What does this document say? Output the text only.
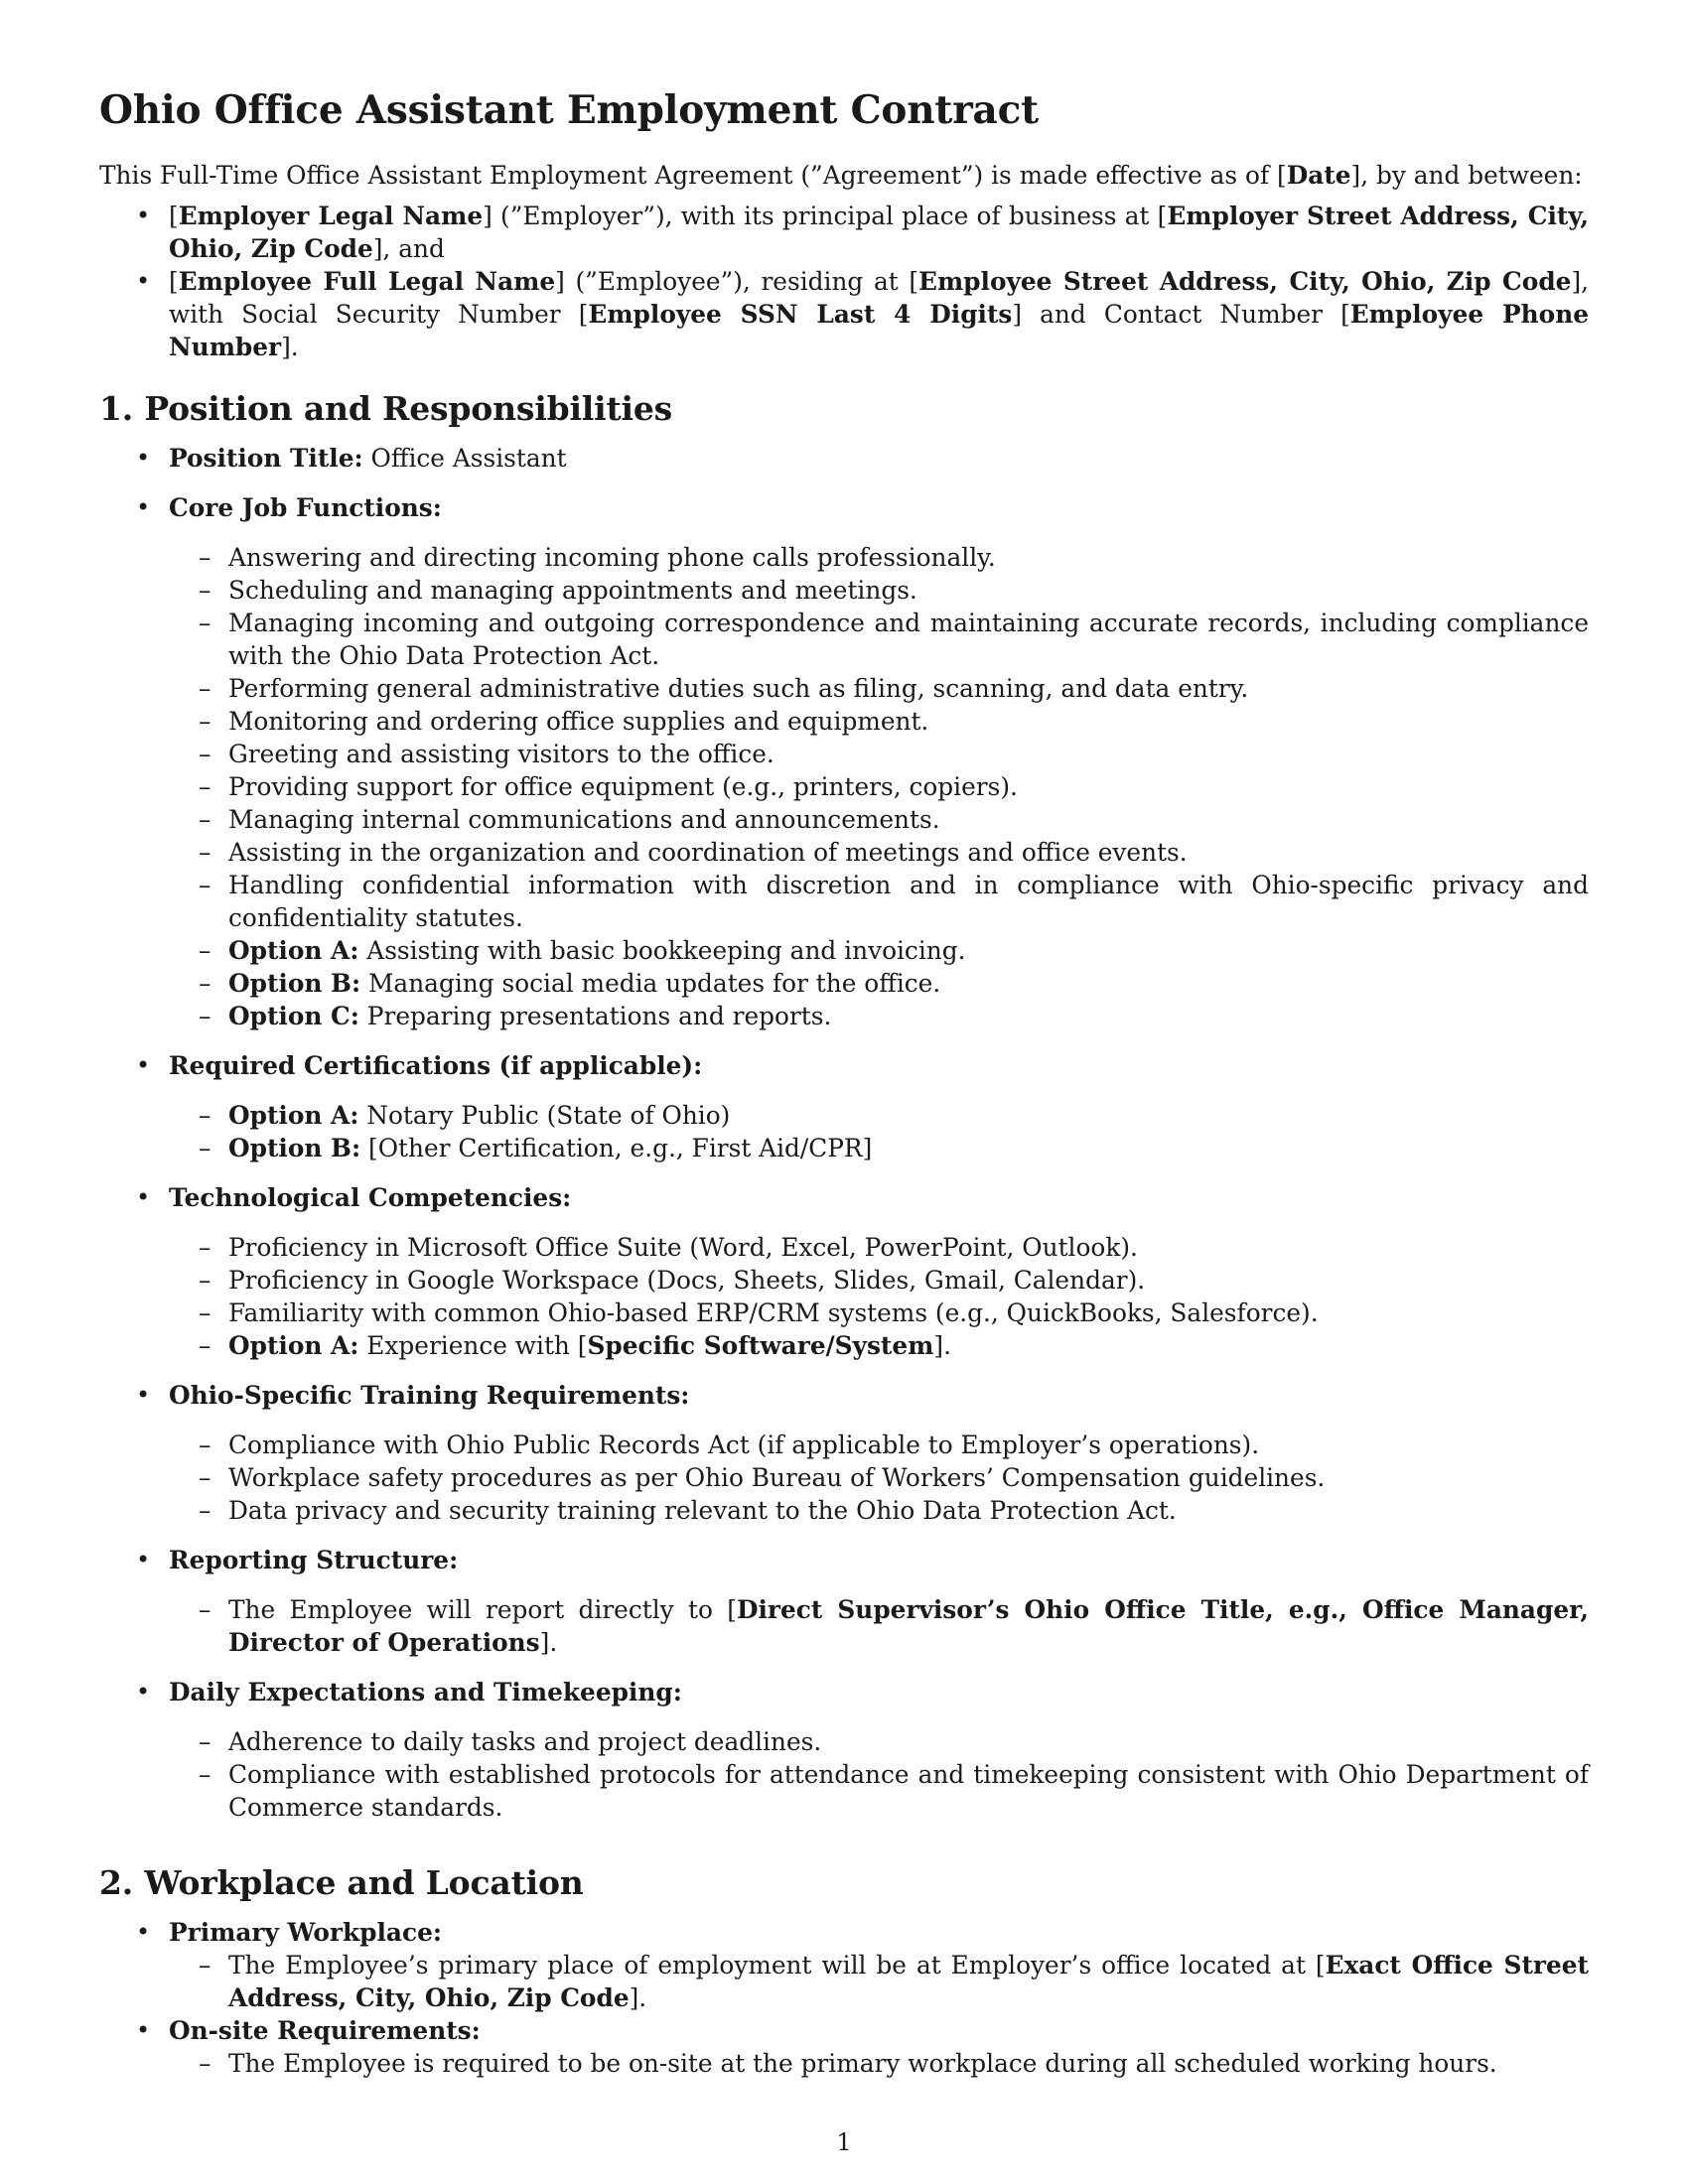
Ohio Office Assistant Employment Contract

This Full-Time Office Assistant Employment Agreement (”Agreement”) is made effective as of [Date], by and between:

• [Employer Legal Name] (”Employer”), with its principal place of business at [Employer Street Address, City, Ohio, Zip Code], and
• [Employee Full Legal Name] (”Employee”), residing at [Employee Street Address, City, Ohio, Zip Code], with Social Security Number [Employee SSN Last 4 Digits] and Contact Number [Employee Phone Number].
1. Position and Responsibilities
• Position Title: Office Assistant
• Core Job Functions:
– Answering and directing incoming phone calls professionally.
– Scheduling and managing appointments and meetings.
– Managing incoming and outgoing correspondence and maintaining accurate records, including compliance with the Ohio Data Protection Act.
– Performing general administrative duties such as filing, scanning, and data entry.
– Monitoring and ordering office supplies and equipment.
– Greeting and assisting visitors to the office.
– Providing support for office equipment (e.g., printers, copiers).
– Managing internal communications and announcements.
– Assisting in the organization and coordination of meetings and office events.
– Handling confidential information with discretion and in compliance with Ohio-specific privacy and confidentiality statutes.
– Option A: Assisting with basic bookkeeping and invoicing.
– Option B: Managing social media updates for the office.
– Option C: Preparing presentations and reports.
• Required Certifications (if applicable):
– Option A: Notary Public (State of Ohio)
– Option B: [Other Certification, e.g., First Aid/CPR]
• Technological Competencies:
– Proficiency in Microsoft Office Suite (Word, Excel, PowerPoint, Outlook).
– Proficiency in Google Workspace (Docs, Sheets, Slides, Gmail, Calendar).
– Familiarity with common Ohio-based ERP/CRM systems (e.g., QuickBooks, Salesforce).
– Option A: Experience with [Specific Software/System].
• Ohio-Specific Training Requirements:
– Compliance with Ohio Public Records Act (if applicable to Employer’s operations).
– Workplace safety procedures as per Ohio Bureau of Workers’ Compensation guidelines.
– Data privacy and security training relevant to the Ohio Data Protection Act.
• Reporting Structure:
– The Employee will report directly to [Direct Supervisor’s Ohio Office Title, e.g., Office Manager, Director of Operations].
• Daily Expectations and Timekeeping:
– Adherence to daily tasks and project deadlines.
– Compliance with established protocols for attendance and timekeeping consistent with Ohio Department of Commerce standards.
2. Workplace and Location
• Primary Workplace:
– The Employee’s primary place of employment will be at Employer’s office located at [Exact Office Street Address, City, Ohio, Zip Code].
• On-site Requirements:
– The Employee is required to be on-site at the primary workplace during all scheduled working hours.
1
